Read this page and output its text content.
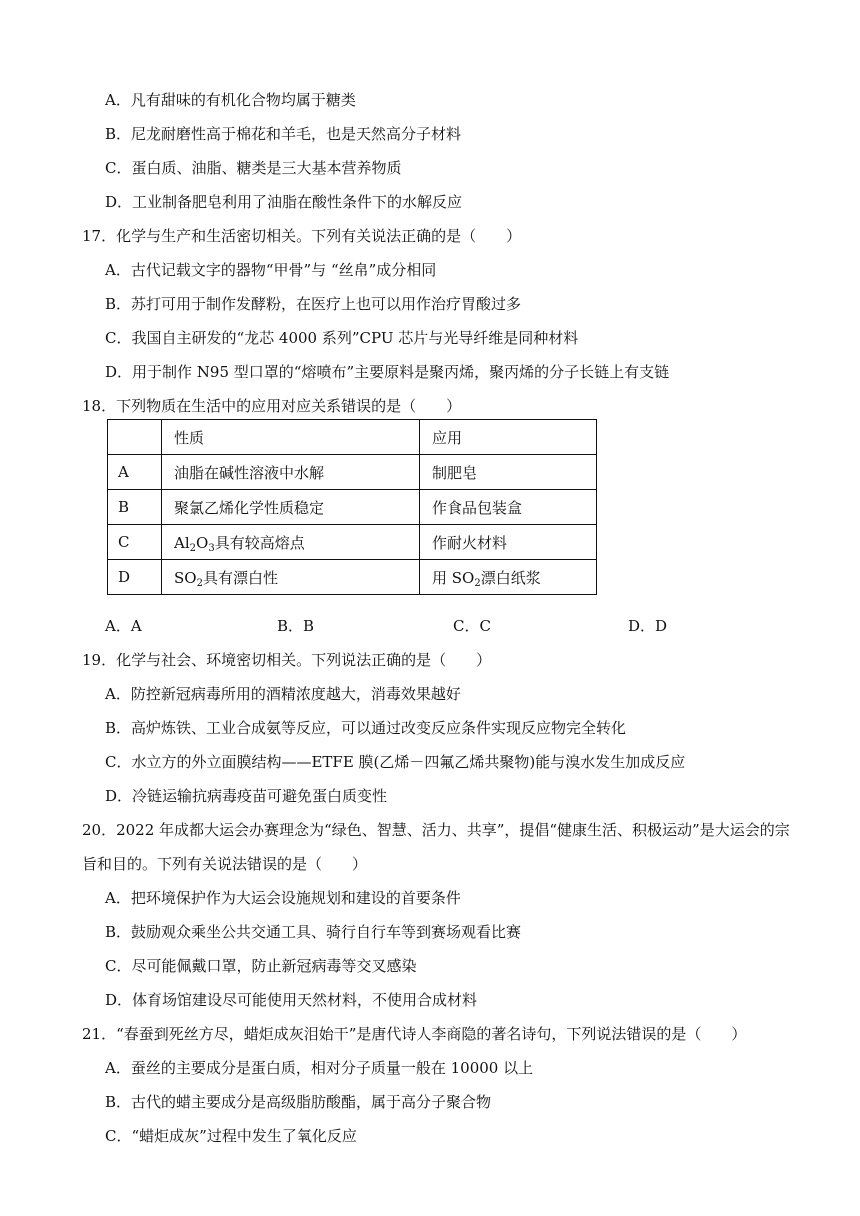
A．凡有甜味的有机化合物均属于糖类
B．尼龙耐磨性高于棉花和羊毛，也是天然高分子材料
C．蛋白质、油脂、糖类是三大基本营养物质
D．工业制备肥皂利用了油脂在酸性条件下的水解反应
17．化学与生产和生活密切相关。下列有关说法正确的是（　　）
A．古代记载文字的器物“甲骨”与 “丝帛”成分相同
B．苏打可用于制作发酵粉，在医疗上也可以用作治疗胃酸过多
C．我国自主研发的“龙芯 4000 系列”CPU 芯片与光导纤维是同种材料
D．用于制作 N95 型口罩的“熔喷布”主要原料是聚丙烯，聚丙烯的分子长链上有支链
18．下列物质在生活中的应用对应关系错误的是（　　）
	性质	应用
A	油脂在碱性溶液中水解	制肥皂
B	聚氯乙烯化学性质稳定	作食品包装盒
C	$Al_2O_3$具有较高熔点	作耐火材料
D	$SO_2$具有漂白性	用 $SO_2$漂白纸浆
A．A	B．B	C．C	D．D
19．化学与社会、环境密切相关。下列说法正确的是（　　）
A．防控新冠病毒所用的酒精浓度越大，消毒效果越好
B．高炉炼铁、工业合成氨等反应，可以通过改变反应条件实现反应物完全转化
C．水立方的外立面膜结构——ETFE 膜(乙烯－四氟乙烯共聚物)能与溴水发生加成反应
D．冷链运输抗病毒疫苗可避免蛋白质变性
20．2022 年成都大运会办赛理念为“绿色、智慧、活力、共享”，提倡“健康生活、积极运动”是大运会的宗
旨和目的。下列有关说法错误的是（　　）
A．把环境保护作为大运会设施规划和建设的首要条件
B．鼓励观众乘坐公共交通工具、骑行自行车等到赛场观看比赛
C．尽可能佩戴口罩，防止新冠病毒等交叉感染
D．体育场馆建设尽可能使用天然材料，不使用合成材料
21．“春蚕到死丝方尽，蜡炬成灰泪始干”是唐代诗人李商隐的著名诗句，下列说法错误的是（　　）
A．蚕丝的主要成分是蛋白质，相对分子质量一般在 10000 以上
B．古代的蜡主要成分是高级脂肪酸酯，属于高分子聚合物
C．“蜡炬成灰”过程中发生了氧化反应
